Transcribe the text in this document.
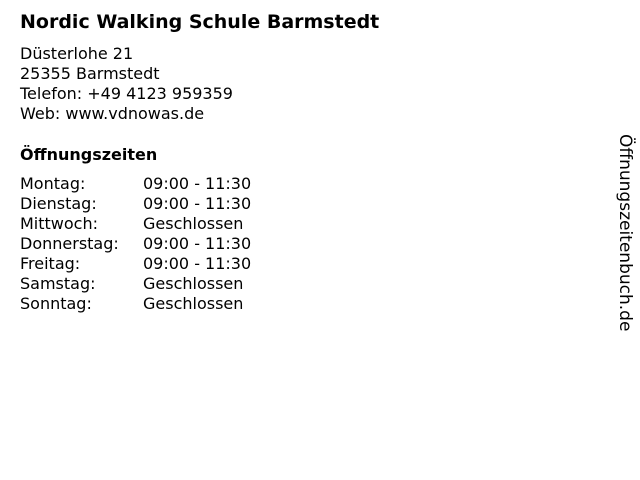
Nordic Walking Schule Barmstedt
Düsterlohe 21
25355 Barmstedt
Telefon: +49 4123 959359
Web: www.vdnowas.de
Öffnungszeiten
Montag:	09:00 - 11:30
Dienstag:	09:00 - 11:30
Mittwoch:	Geschlossen
Donnerstag:	09:00 - 11:30
Freitag:	09:00 - 11:30
Samstag:	Geschlossen
Sonntag:	Geschlossen	Öffnungszeitenbuch.de
